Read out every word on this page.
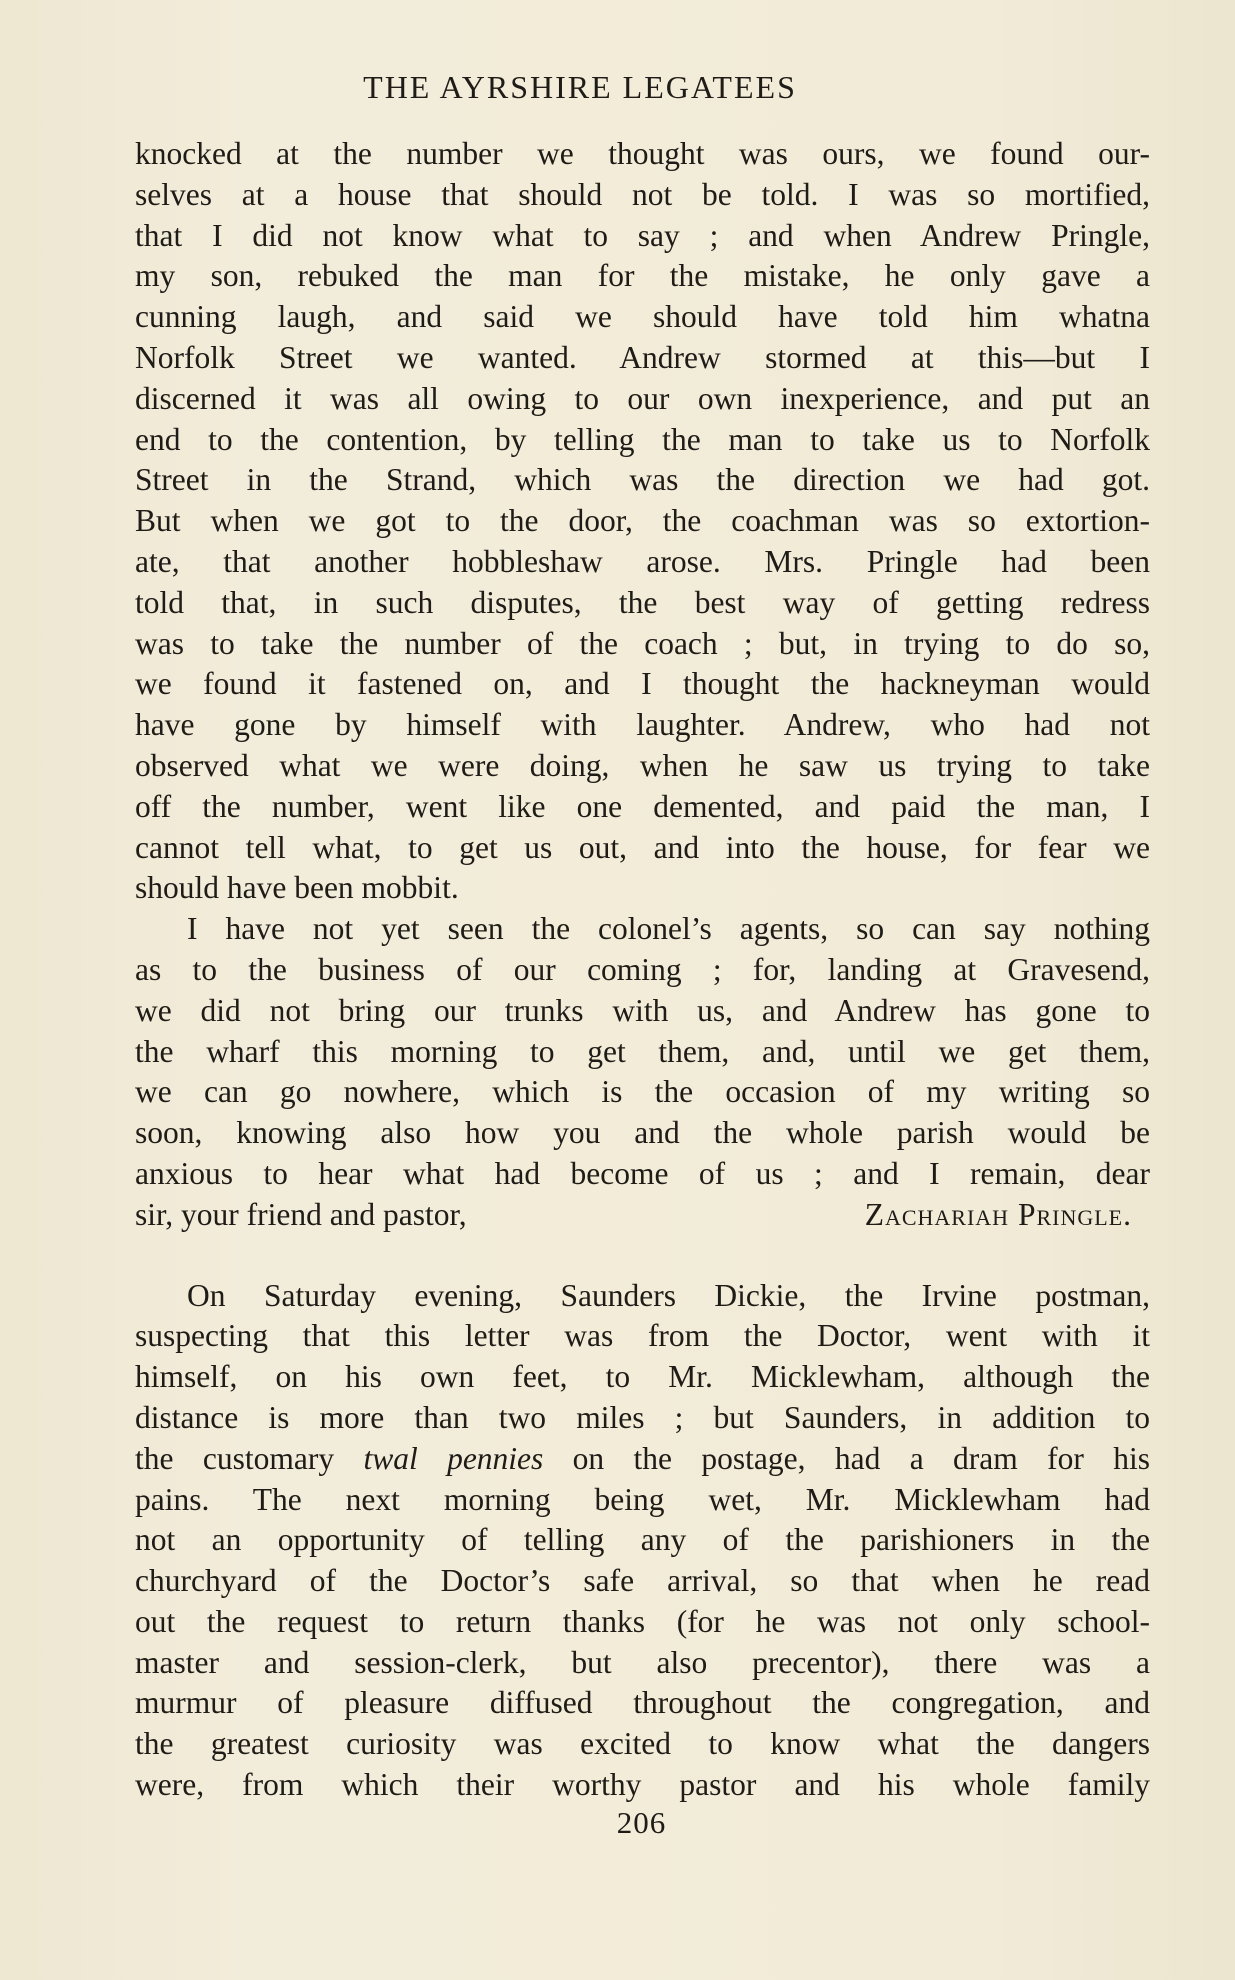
THE AYRSHIRE LEGATEES
knocked at the number we thought was ours, we found our-
selves at a house that should not be told. I was so mortified,
that I did not know what to say ; and when Andrew Pringle,
my son, rebuked the man for the mistake, he only gave a
cunning laugh, and said we should have told him whatna
Norfolk Street we wanted. Andrew stormed at this—but I
discerned it was all owing to our own inexperience, and put an
end to the contention, by telling the man to take us to Norfolk
Street in the Strand, which was the direction we had got.
But when we got to the door, the coachman was so extortion-
ate, that another hobbleshaw arose. Mrs. Pringle had been
told that, in such disputes, the best way of getting redress
was to take the number of the coach ; but, in trying to do so,
we found it fastened on, and I thought the hackneyman would
have gone by himself with laughter. Andrew, who had not
observed what we were doing, when he saw us trying to take
off the number, went like one demented, and paid the man, I
cannot tell what, to get us out, and into the house, for fear we
should have been mobbit.
I have not yet seen the colonel’s agents, so can say nothing
as to the business of our coming ; for, landing at Gravesend,
we did not bring our trunks with us, and Andrew has gone to
the wharf this morning to get them, and, until we get them,
we can go nowhere, which is the occasion of my writing so
soon, knowing also how you and the whole parish would be
anxious to hear what had become of us ; and I remain, dear
sir, your friend and pastor,	Zachariah Pringle.
On Saturday evening, Saunders Dickie, the Irvine postman,
suspecting that this letter was from the Doctor, went with it
himself, on his own feet, to Mr. Micklewham, although the
distance is more than two miles ; but Saunders, in addition to
the customary twal pennies on the postage, had a dram for his
pains. The next morning being wet, Mr. Micklewham had
not an opportunity of telling any of the parishioners in the
churchyard of the Doctor’s safe arrival, so that when he read
out the request to return thanks (for he was not only school-
master and session-clerk, but also precentor), there was a
murmur of pleasure diffused throughout the congregation, and
the greatest curiosity was excited to know what the dangers
were, from which their worthy pastor and his whole family
206
